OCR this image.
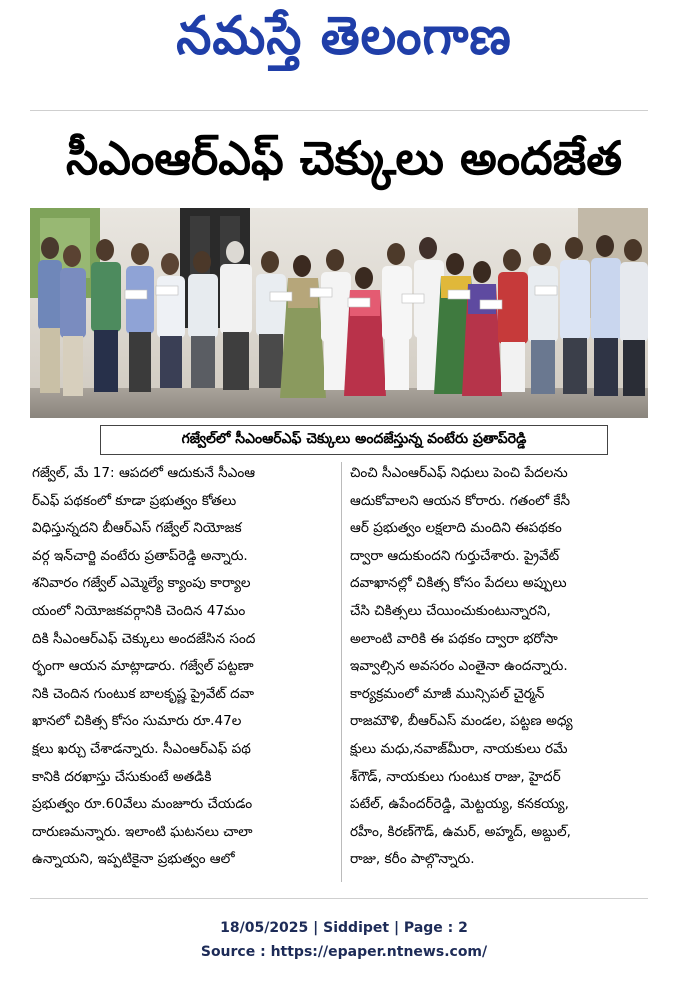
నమస్తే తెలంగాణ
సీఎంఆర్ఎఫ్ చెక్కులు అందజేత
గజ్వేల్‌లో సీఎంఆర్ఎఫ్ చెక్కులు అందజేస్తున్న వంటేరు ప్రతాప్‌రెడ్డి
గజ్వేల్, మే 17: ఆపదలో ఆదుకునే సీఎంఆ
ర్ఎఫ్ పథకంలో కూడా ప్రభుత్వం కోతలు
విధిస్తున్నదని బీఆర్ఎస్ గజ్వేల్ నియోజక
వర్గ ఇన్‌చార్జి వంటేరు ప్రతాప్‌రెడ్డి అన్నారు.
శనివారం గజ్వేల్ ఎమ్మెల్యే క్యాంపు కార్యాల
యంలో నియోజకవర్గానికి చెందిన 47మం
దికి సీఎంఆర్ఎఫ్ చెక్కులు అందజేసిన సంద
ర్భంగా ఆయన మాట్లాడారు. గజ్వేల్ పట్టణా
నికి చెందిన గుంటుక బాలకృష్ణ ప్రైవేట్ దవా
ఖానలో చికిత్స కోసం సుమారు రూ.47ల
క్షలు ఖర్చు చేశాడన్నారు. సీఎంఆర్ఎఫ్ పథ
కానికి దరఖాస్తు చేసుకుంటే అతడికి
ప్రభుత్వం రూ.60వేలు మంజూరు చేయడం
దారుణమన్నారు. ఇలాంటి ఘటనలు చాలా
ఉన్నాయని, ఇప్పటికైనా ప్రభుత్వం ఆలో
చించి సీఎంఆర్ఎఫ్ నిధులు పెంచి పేదలను
ఆదుకోవాలని ఆయన కోరారు. గతంలో కేసీ
ఆర్ ప్రభుత్వం లక్షలాది మందిని ఈపథకం
ద్వారా ఆదుకుందని గుర్తుచేశారు. ప్రైవేట్
దవాఖానల్లో చికిత్స కోసం పేదలు అప్పులు
చేసి చికిత్సలు చేయించుకుంటున్నారని,
అలాంటి వారికి ఈ పథకం ద్వారా భరోసా
ఇవ్వాల్సిన అవసరం ఎంతైనా ఉందన్నారు.
కార్యక్రమంలో మాజీ మున్సిపల్ చైర్మన్
రాజమౌళి, బీఆర్ఎస్ మండల, పట్టణ అధ్య
క్షులు మధు,నవాజ్‌మీరా, నాయకులు రమే
శ్‌గౌడ్, నాయకులు గుంటుక రాజు, హైదర్
పటేల్, ఉపేందర్‌రెడ్డి, మెట్టయ్య, కనకయ్య,
రహీం, కిరణ్‌గౌడ్, ఉమర్, అహ్మద్, అబ్దుల్,
రాజు, కరీం పాల్గొన్నారు.
18/05/2025 | Siddipet | Page : 2
Source : https://epaper.ntnews.com/
